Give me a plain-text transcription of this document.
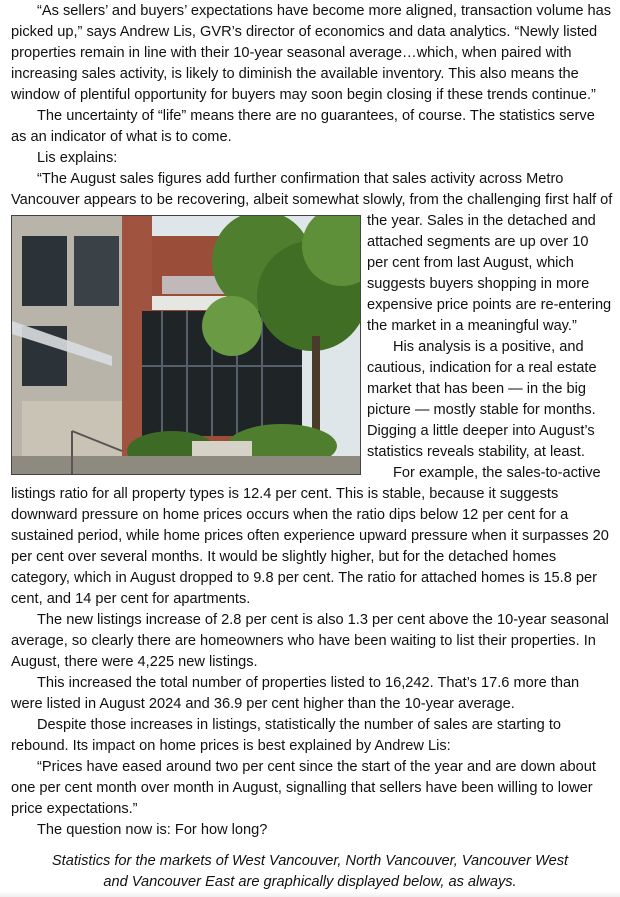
“As sellers’ and buyers’ expectations have become more aligned, transaction volume has picked up,” says Andrew Lis, GVR’s director of economics and data analytics. “Newly listed properties remain in line with their 10-year seasonal average…which, when paired with increasing sales activity, is likely to diminish the available inventory. This also means the window of plentiful opportunity for buyers may soon begin closing if these trends continue.”

The uncertainty of “life” means there are no guarantees, of course. The statistics serve as an indicator of what is to come.

Lis explains:

“The August sales figures add further confirmation that sales activity across Metro Vancouver appears to be recovering, albeit somewhat slowly, from the challenging first half of

the year. Sales in the detached and attached segments are up over 10 per cent from last August, which suggests buyers shopping in more expensive price points are re-entering the market in a meaningful way.”

His analysis is a positive, and cautious, indication for a real estate market that has been — in the big picture — mostly stable for months. Digging a little deeper into August’s statistics reveals stability, at least.

For example, the sales-to-active listings ratio for all property types is 12.4 per cent. This is stable, because it suggests downward pressure on home prices occurs when the ratio dips below 12 per cent for a sustained period, while home prices often experience upward pressure when it surpasses 20 per cent over several months. It would be slightly higher, but for the detached homes category, which in August dropped to 9.8 per cent. The ratio for attached homes is 15.8 per cent, and 14 per cent for apartments.

The new listings increase of 2.8 per cent is also 1.3 per cent above the 10-year seasonal average, so clearly there are homeowners who have been waiting to list their properties. In August, there were 4,225 new listings.

This increased the total number of properties listed to 16,242. That’s 17.6 more than were listed in August 2024 and 36.9 per cent higher than the 10-year average.

Despite those increases in listings, statistically the number of sales are starting to rebound. Its impact on home prices is best explained by Andrew Lis:

“Prices have eased around two per cent since the start of the year and are down about one per cent month over month in August, signalling that sellers have been willing to lower price expectations.”

The question now is: For how long?

Statistics for the markets of West Vancouver, North Vancouver, Vancouver West and Vancouver East are graphically displayed below, as always.
